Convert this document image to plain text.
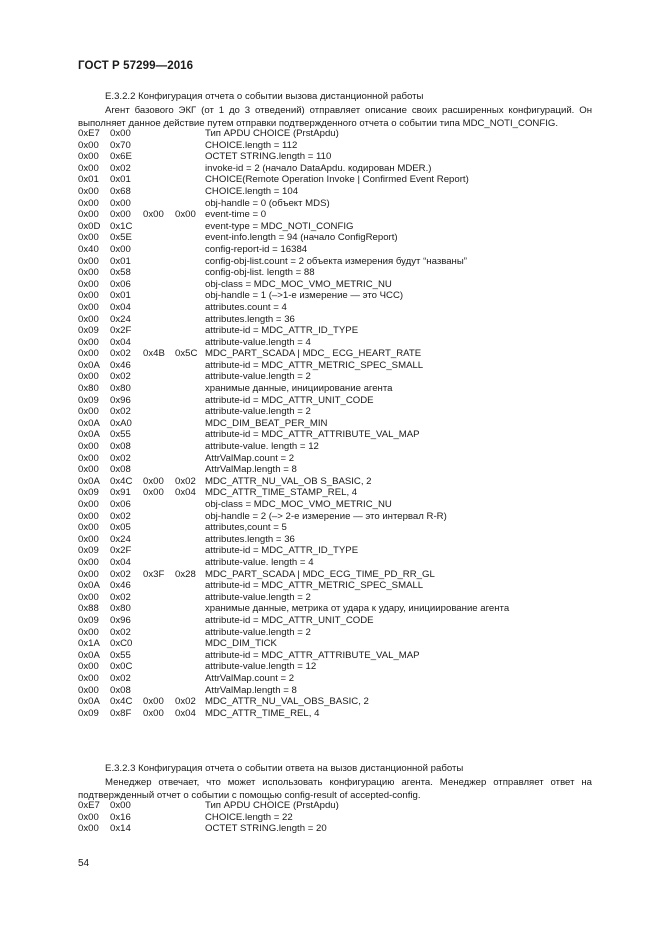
ГОСТ Р 57299—2016
E.3.2.2 Конфигурация отчета о событии вызова дистанционной работы
Агент базового ЭКГ (от 1 до 3 отведений) отправляет описание своих расширенных конфигураций. Он выполняет данное действие путем отправки подтвержденного отчета о событии типа MDC_NOTI_CONFIG.
0xE7 0x00	Тип APDU CHOICE (PrstApdu)
0x00 0x70	CHOICE.length = 112
0x00 0x6E	OCTET STRING.length = 110
0x00 0x02	invoke-id = 2 (начало DataApdu. кодирован MDER.)
0x01 0x01	CHOICE(Remote Operation Invoke | Confirmed Event Report)
0x00 0x68	CHOICE.length = 104
0x00 0x00	obj-handle = 0 (объект MDS)
0x00 0x00 0x00 0x00 event-time = 0
0x0D 0x1C	event-type = MDC_NOTI_CONFIG
0x00 0x5E	event-info.length = 94 (начало ConfigReport)
0x40 0x00	config-report-id = 16384
0x00 0x01	config-obj-list.count = 2 объекта измерения будут “названы”
0x00 0x58	config-obj-list. length = 88
0x00 0x06	obj-class = MDC_MOC_VMO_METRIC_NU
0x00 0x01	obj-handle = 1 (–>1-е измерение — это ЧСС)
0x00 0x04	attributes.count = 4
0x00 0x24	attributes.length = 36
0x09 0x2F	attribute-id = MDC_ATTR_ID_TYPE
0x00 0x04	attribute-value.length = 4
0x00 0x02 0x4B 0x5C MDC_PART_SCADA | MDC_ ECG_HEART_RATE
0x0A 0x46	attribute-id = MDC_ATTR_METRIC_SPEC_SMALL
0x00 0x02	attribute-value.length = 2
0x80 0x80	хранимые данные, инициирование агента
0x09 0x96	attribute-id = MDC_ATTR_UNIT_CODE
0x00 0x02	attribute-value.length = 2
0x0A 0xA0	MDC_DIM_BEAT_PER_MIN
0x0A 0x55	attribute-id = MDC_ATTR_ATTRIBUTE_VAL_MAP
0x00 0x08	attribute-value. length = 12
0x00 0x02	AttrValMap.count = 2
0x00 0x08	AttrValMap.length = 8
0x0A 0x4C 0x00 0x02 MDC_ATTR_NU_VAL_OB S_BASIC, 2
0x09 0x91 0x00 0x04 MDC_ATTR_TIME_STAMP_REL, 4
0x00 0x06	obj-class = MDC_MOC_VMO_METRIC_NU
0x00 0x02	obj-handle = 2 (–> 2-е измерение — это интервал R-R)
0x00 0x05	attributes,count = 5
0x00 0x24	attributes.length = 36
0x09 0x2F	attribute-id = MDC_ATTR_ID_TYPE
0x00 0x04	attribute-value. length = 4
0x00 0x02 0x3F 0x28 MDC_PART_SCADA | MDC_ECG_TIME_PD_RR_GL
0x0A 0x46	attribute-id = MDC_ATTR_METRIC_SPEC_SMALL
0x00 0x02	attribute-value.length = 2
0x88 0x80	хранимые данные, метрика от удара к удару, инициирование агента
0x09 0x96	attribute-id = MDC_ATTR_UNIT_CODE
0x00 0x02	attribute-value.length = 2
0x1A 0xC0	MDC_DIM_TICK
0x0A 0x55	attribute-id = MDC_ATTR_ATTRIBUTE_VAL_MAP
0x00 0x0C	attribute-value.length = 12
0x00 0x02	AttrValMap.count = 2
0x00 0x08	AttrValMap.length = 8
0x0A 0x4C 0x00 0x02 MDC_ATTR_NU_VAL_OBS_BASIC, 2
0x09 0x8F 0x00 0x04 MDC_ATTR_TIME_REL, 4
E.3.2.3 Конфигурация отчета о событии ответа на вызов дистанционной работы
Менеджер отвечает, что может использовать конфигурацию агента. Менеджер отправляет ответ на подтвержденный отчет о событии с помощью config-result of accepted-config.
0xE7 0x00	Тип APDU CHOICE (PrstApdu)
0x00 0x16	CHOICE.length = 22
0x00 0x14	OCTET STRING.length = 20
54
